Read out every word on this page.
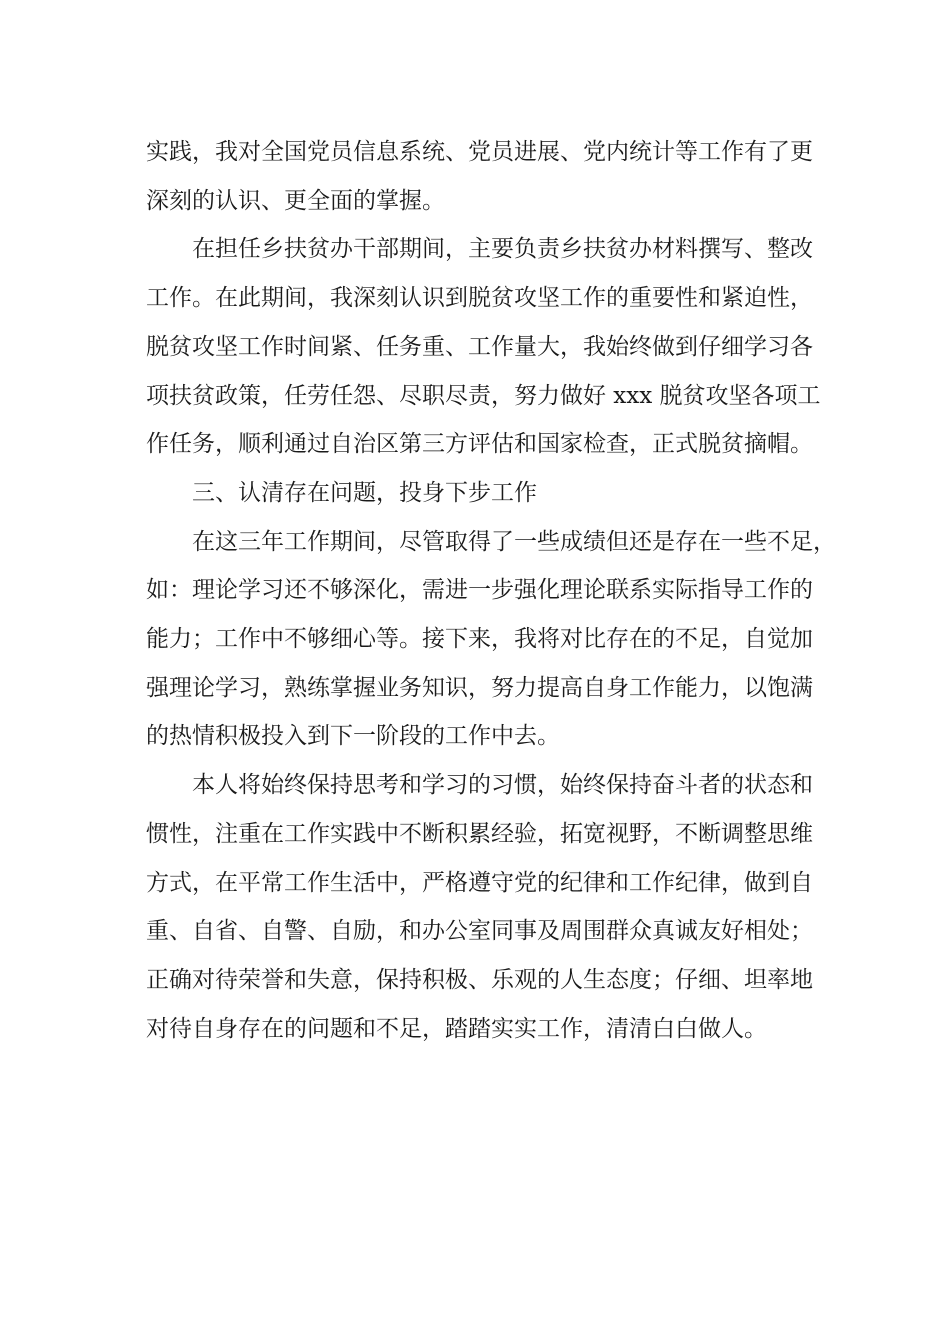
实践，我对全国党员信息系统、党员进展、党内统计等工作有了更
深刻的认识、更全面的掌握。

在担任乡扶贫办干部期间，主要负责乡扶贫办材料撰写、整改
工作。在此期间，我深刻认识到脱贫攻坚工作的重要性和紧迫性，
脱贫攻坚工作时间紧、任务重、工作量大，我始终做到仔细学习各
项扶贫政策，任劳任怨、尽职尽责，努力做好 xxx 脱贫攻坚各项工
作任务，顺利通过自治区第三方评估和国家检查，正式脱贫摘帽。

三、认清存在问题，投身下步工作

在这三年工作期间，尽管取得了一些成绩但还是存在一些不足，
如：理论学习还不够深化，需进一步强化理论联系实际指导工作的
能力；工作中不够细心等。接下来，我将对比存在的不足，自觉加
强理论学习，熟练掌握业务知识，努力提高自身工作能力，以饱满
的热情积极投入到下一阶段的工作中去。

本人将始终保持思考和学习的习惯，始终保持奋斗者的状态和
惯性，注重在工作实践中不断积累经验，拓宽视野，不断调整思维
方式，在平常工作生活中，严格遵守党的纪律和工作纪律，做到自
重、自省、自警、自励，和办公室同事及周围群众真诚友好相处；
正确对待荣誉和失意，保持积极、乐观的人生态度；仔细、坦率地
对待自身存在的问题和不足，踏踏实实工作，清清白白做人。
